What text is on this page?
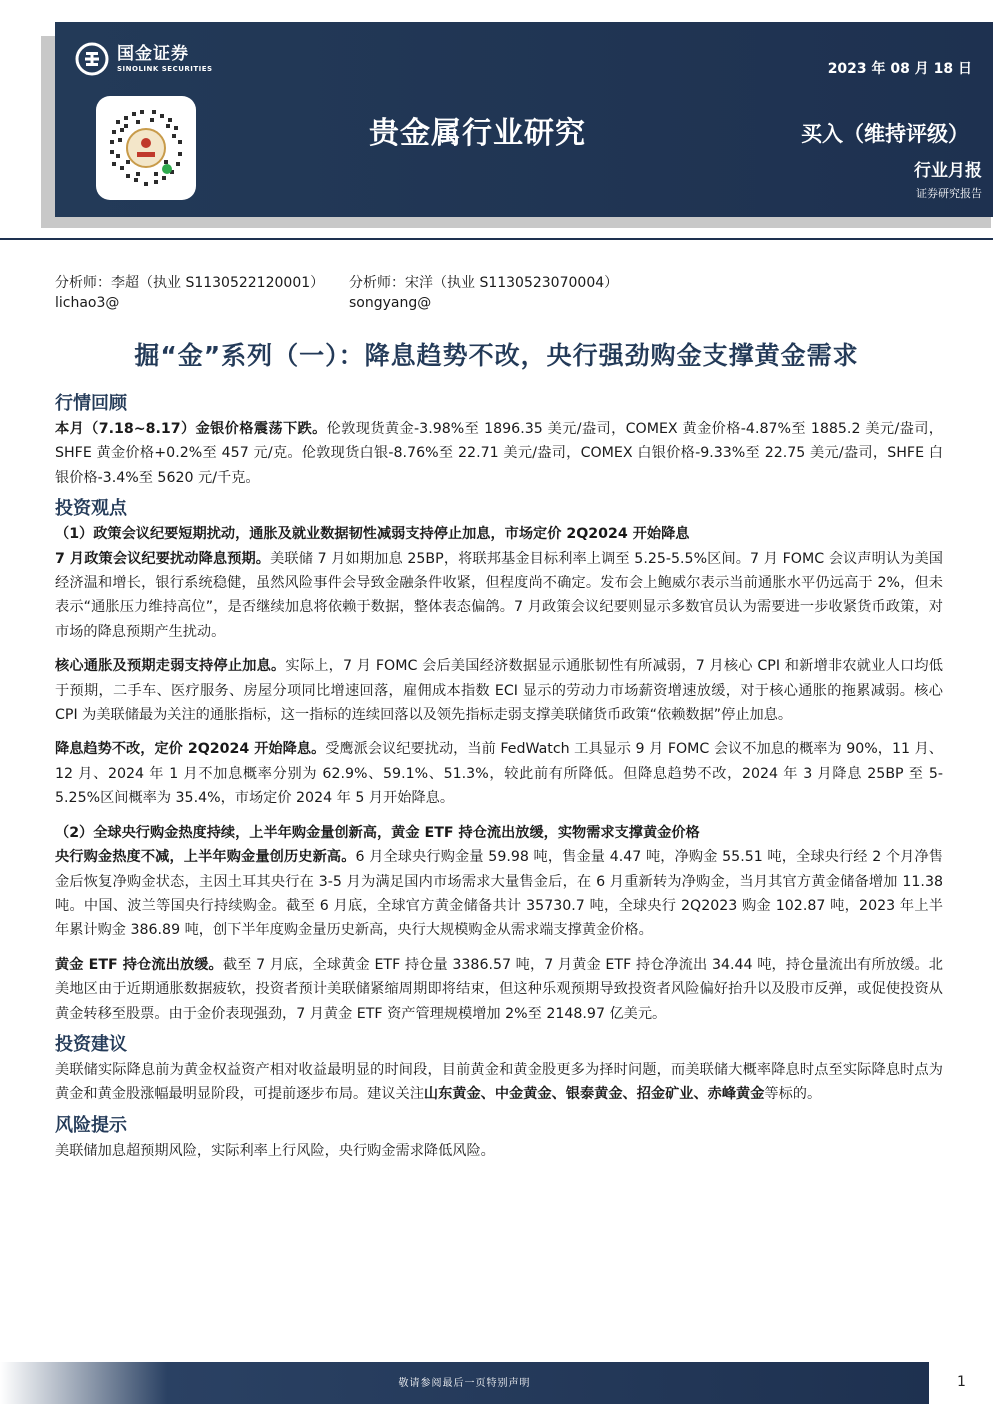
国金证券
SINOLINK SECURITIES	2023 年 08 月 18 日
贵金属行业研究	买入（维持评级）
行业月报
证券研究报告
分析师：李超（执业 S1130522120001）
lichao3@
分析师：宋洋（执业 S1130523070004）
songyang@
掘“金”系列（一）：降息趋势不改，央行强劲购金支撑黄金需求
行情回顾

本月（7.18~8.17）金银价格震荡下跌。伦敦现货黄金-3.98%至 1896.35 美元/盎司，COMEX 黄金价格-4.87%至 1885.2 美元/盎司，SHFE 黄金价格+0.2%至 457 元/克。伦敦现货白银-8.76%至 22.71 美元/盎司，COMEX 白银价格-9.33%至 22.75 美元/盎司，SHFE 白银价格-3.4%至 5620 元/千克。

投资观点
（1）政策会议纪要短期扰动，通胀及就业数据韧性减弱支持停止加息，市场定价 2Q2024 开始降息

7 月政策会议纪要扰动降息预期。美联储 7 月如期加息 25BP，将联邦基金目标利率上调至 5.25-5.5%区间。7 月 FOMC 会议声明认为美国经济温和增长，银行系统稳健，虽然风险事件会导致金融条件收紧，但程度尚不确定。发布会上鲍威尔表示当前通胀水平仍远高于 2%，但未表示“通胀压力维持高位”，是否继续加息将依赖于数据，整体表态偏鸽。7 月政策会议纪要则显示多数官员认为需要进一步收紧货币政策，对市场的降息预期产生扰动。

核心通胀及预期走弱支持停止加息。实际上，7 月 FOMC 会后美国经济数据显示通胀韧性有所减弱，7 月核心 CPI 和新增非农就业人口均低于预期，二手车、医疗服务、房屋分项同比增速回落，雇佣成本指数 ECI 显示的劳动力市场薪资增速放缓，对于核心通胀的拖累减弱。核心 CPI 为美联储最为关注的通胀指标，这一指标的连续回落以及领先指标走弱支撑美联储货币政策“依赖数据”停止加息。

降息趋势不改，定价 2Q2024 开始降息。受鹰派会议纪要扰动，当前 FedWatch 工具显示 9 月 FOMC 会议不加息的概率为 90%，11 月、12 月、2024 年 1 月不加息概率分别为 62.9%、59.1%、51.3%，较此前有所降低。但降息趋势不改，2024 年 3 月降息 25BP 至 5-5.25%区间概率为 35.4%，市场定价 2024 年 5 月开始降息。

（2）全球央行购金热度持续，上半年购金量创新高，黄金 ETF 持仓流出放缓，实物需求支撑黄金价格

央行购金热度不减，上半年购金量创历史新高。6 月全球央行购金量 59.98 吨，售金量 4.47 吨，净购金 55.51 吨，全球央行经 2 个月净售金后恢复净购金状态，主因土耳其央行在 3-5 月为满足国内市场需求大量售金后，在 6 月重新转为净购金，当月其官方黄金储备增加 11.38 吨。中国、波兰等国央行持续购金。截至 6 月底，全球官方黄金储备共计 35730.7 吨，全球央行 2Q2023 购金 102.87 吨，2023 年上半年累计购金 386.89 吨，创下半年度购金量历史新高，央行大规模购金从需求端支撑黄金价格。

黄金 ETF 持仓流出放缓。截至 7 月底，全球黄金 ETF 持仓量 3386.57 吨，7 月黄金 ETF 持仓净流出 34.44 吨，持仓量流出有所放缓。北美地区由于近期通胀数据疲软，投资者预计美联储紧缩周期即将结束，但这种乐观预期导致投资者风险偏好抬升以及股市反弹，或促使投资从黄金转移至股票。由于金价表现强劲，7 月黄金 ETF 资产管理规模增加 2%至 2148.97 亿美元。

投资建议

美联储实际降息前为黄金权益资产相对收益最明显的时间段，目前黄金和黄金股更多为择时问题，而美联储大概率降息时点至实际降息时点为黄金和黄金股涨幅最明显阶段，可提前逐步布局。建议关注山东黄金、中金黄金、银泰黄金、招金矿业、赤峰黄金等标的。

风险提示

美联储加息超预期风险，实际利率上行风险，央行购金需求降低风险。

敬请参阅最后一页特别声明	1
